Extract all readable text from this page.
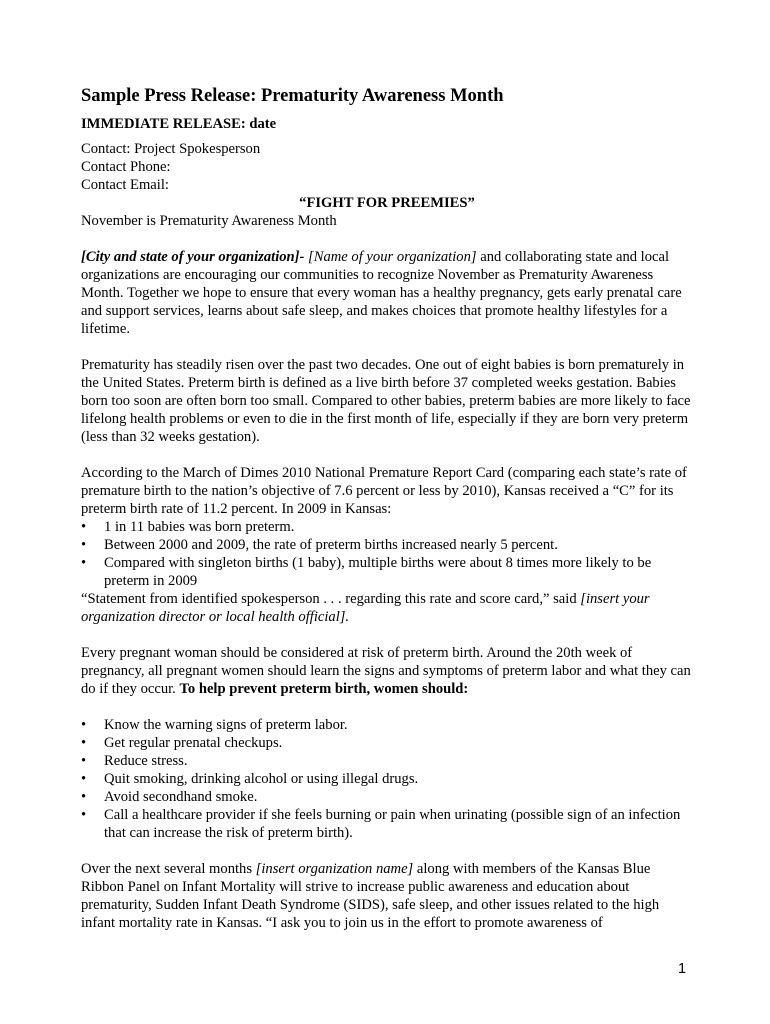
Sample Press Release: Prematurity Awareness Month
IMMEDIATE RELEASE: date

Contact: Project Spokesperson

Contact Phone:

Contact Email:

“FIGHT FOR PREEMIES”

November is Prematurity Awareness Month

[City and state of your organization]- [Name of your organization] and collaborating state and local organizations are encouraging our communities to recognize November as Prematurity Awareness Month. Together we hope to ensure that every woman has a healthy pregnancy, gets early prenatal care and support services, learns about safe sleep, and makes choices that promote healthy lifestyles for a lifetime.

Prematurity has steadily risen over the past two decades. One out of eight babies is born prematurely in the United States. Preterm birth is defined as a live birth before 37 completed weeks gestation. Babies born too soon are often born too small. Compared to other babies, preterm babies are more likely to face lifelong health problems or even to die in the first month of life, especially if they are born very preterm (less than 32 weeks gestation).

According to the March of Dimes 2010 National Premature Report Card (comparing each state’s rate of premature birth to the nation’s objective of 7.6 percent or less by 2010), Kansas received a “C” for its preterm birth rate of 11.2 percent. In 2009 in Kansas:

•	1 in 11 babies was born preterm.
•	Between 2000 and 2009, the rate of preterm births increased nearly 5 percent.
•	Compared with singleton births (1 baby), multiple births were about 8 times more likely to be preterm in 2009

“Statement from identified spokesperson . . . regarding this rate and score card,” said [insert your organization director or local health official].

Every pregnant woman should be considered at risk of preterm birth. Around the 20th week of pregnancy, all pregnant women should learn the signs and symptoms of preterm labor and what they can do if they occur. To help prevent preterm birth, women should:

•	Know the warning signs of preterm labor.
•	Get regular prenatal checkups.
•	Reduce stress.
•	Quit smoking, drinking alcohol or using illegal drugs.
•	Avoid secondhand smoke.
•	Call a healthcare provider if she feels burning or pain when urinating (possible sign of an infection that can increase the risk of preterm birth).

Over the next several months [insert organization name] along with members of the Kansas Blue Ribbon Panel on Infant Mortality will strive to increase public awareness and education about prematurity, Sudden Infant Death Syndrome (SIDS), safe sleep, and other issues related to the high infant mortality rate in Kansas. “I ask you to join us in the effort to promote awareness of

1
